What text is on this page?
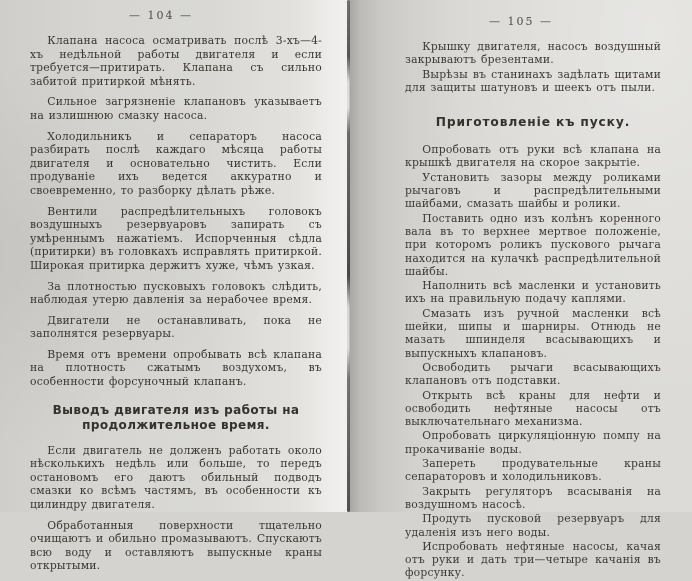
— 104 —

Клапана насоса осматривать послѣ 3-хъ—4-хъ недѣльной работы двигателя и если требуется—притирать. Клапана съ сильно забитой притиркой мѣнять.

Сильное загрязненіе клапановъ указываетъ на излишнюю смазку насоса.

Холодильникъ и сепараторъ насоса разбирать послѣ каждаго мѣсяца работы двигателя и основательно чистить. Если продуваніе ихъ ведется аккуратно и своевременно, то разборку дѣлать рѣже.

Вентили распредѣлительныхъ головокъ воздушныхъ резервуаровъ запирать съ умѣреннымъ нажатіемъ. Испорченныя сѣдла (притирки) въ головкахъ исправлять притиркой. Широкая притирка держитъ хуже, чѣмъ узкая.

За плотностью пусковыхъ головокъ слѣдить, наблюдая утерю давленія за нерабочее время.

Двигатели не останавливать, пока не заполнятся резервуары.

Время отъ времени опробывать всѣ клапана на плотность сжатымъ воздухомъ, въ особенности форсуночный клапанъ.

Выводъ двигателя изъ работы на продолжительное время.

Если двигатель не долженъ работать около нѣсколькихъ недѣль или больше, то передъ остановомъ его даютъ обильный подводъ смазки ко всѣмъ частямъ, въ особенности къ цилиндру двигателя.

Обработанныя поверхности тщательно очищаютъ и обильно промазываютъ. Спускаютъ всю воду и оставляютъ выпускные краны открытыми.

— 105 —

Крышку двигателя, насосъ воздушный закрываютъ брезентами.

Вырѣзы въ станинахъ задѣлать щитами для защиты шатуновъ и шеекъ отъ пыли.

Приготовленіе къ пуску.

Опробовать отъ руки всѣ клапана на крышкѣ двигателя на скорое закрытіе.

Установить зазоры между роликами рычаговъ и распредѣлительными шайбами, смазать шайбы и ролики.

Поставить одно изъ колѣнъ коренного вала въ то верхнее мертвое положеніе, при которомъ роликъ пускового рычага находится на кулачкѣ распредѣлительной шайбы.

Наполнить всѣ масленки и установить ихъ на правильную подачу каплями.

Смазать изъ ручной масленки всѣ шейки, шипы и шарниры. Отнюдь не мазать шпинделя всасывающихъ и выпускныхъ клапановъ.

Освободить рычаги всасывающихъ клапановъ отъ подставки.

Открыть всѣ краны для нефти и освободить нефтяные насосы отъ выключательнаго механизма.

Опробовать циркуляціонную помпу на прокачиваніе воды.

Запереть продувательные краны сепараторовъ и холодильниковъ.

Закрыть регуляторъ всасыванія на воздушномъ насосѣ.

Продуть пусковой резервуаръ для удаленія изъ него воды.

Испробовать нефтяные насосы, качая отъ руки и дать три—четыре качанія въ форсунку.
